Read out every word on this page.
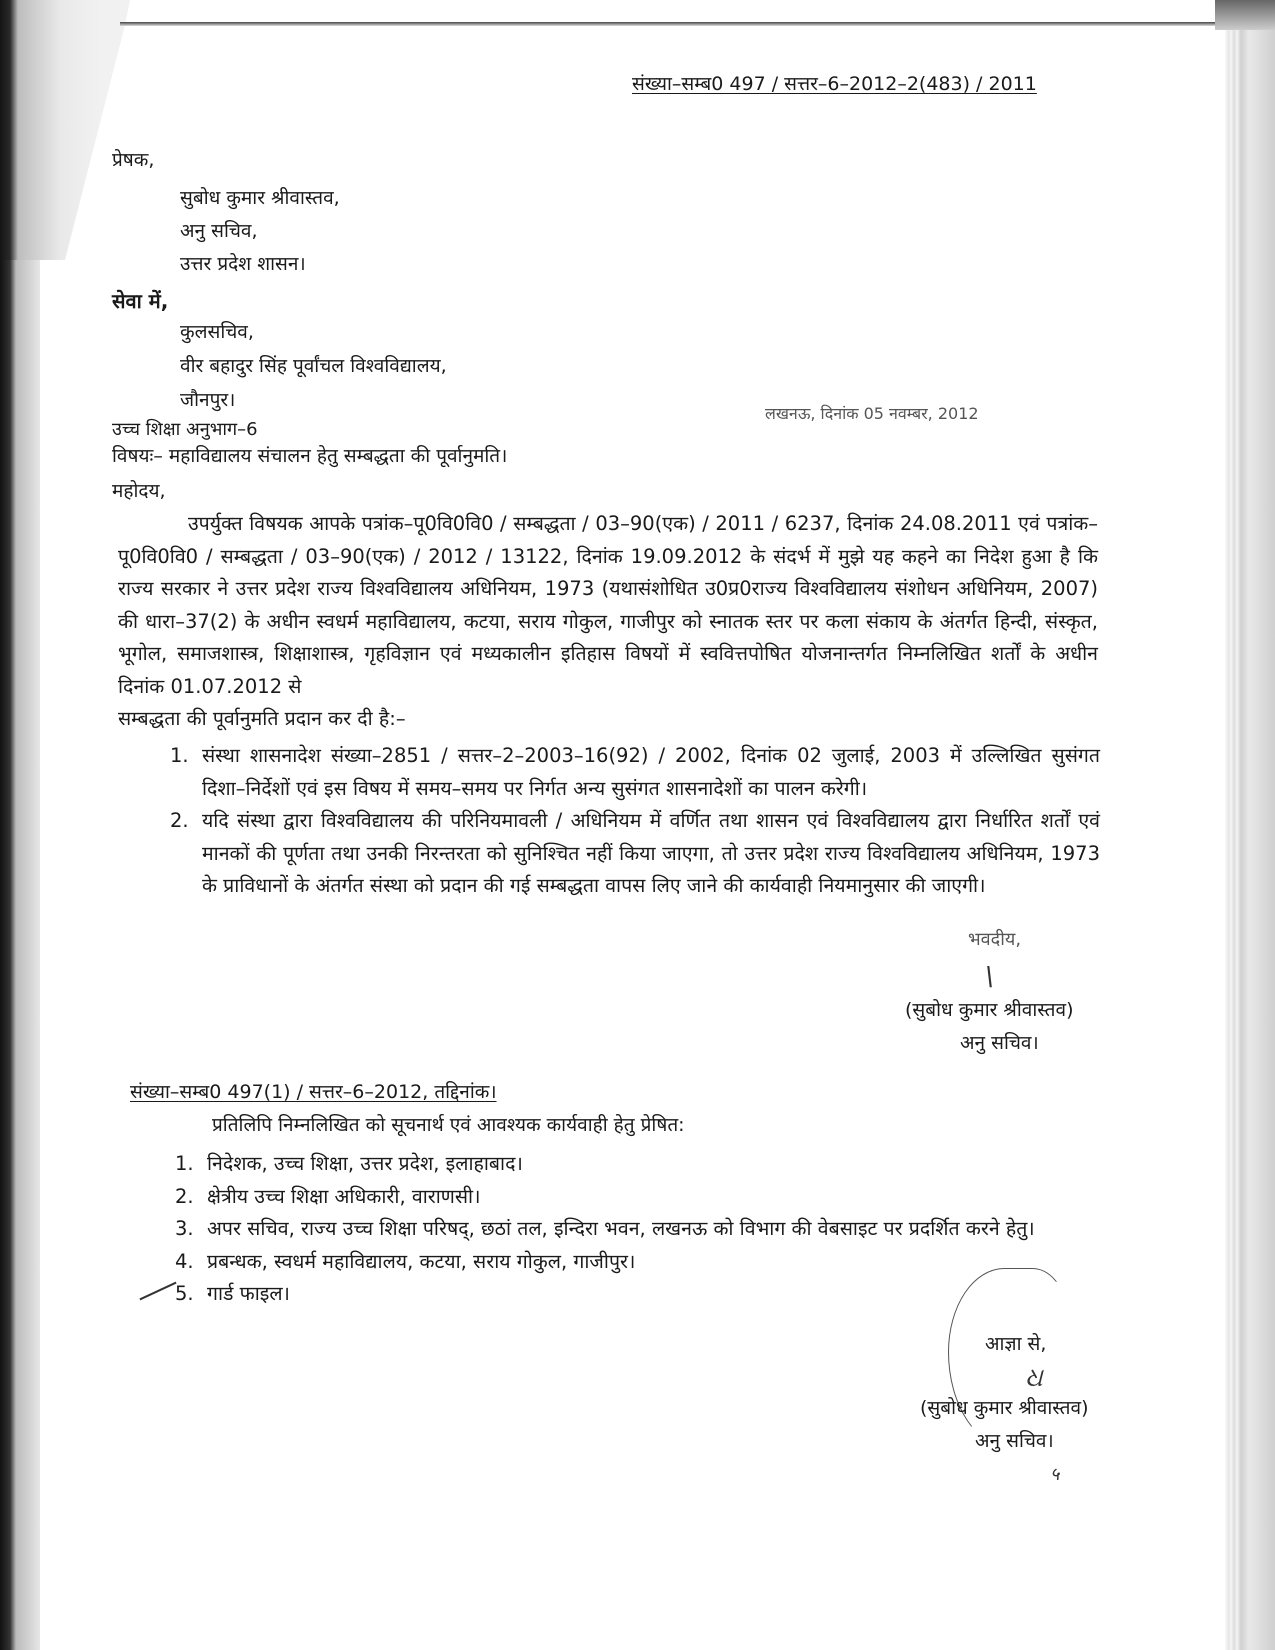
संख्या–सम्ब0 497 / सत्तर–6–2012–2(483) / 2011
प्रेषक,
सुबोध कुमार श्रीवास्तव,
अनु सचिव,
उत्तर प्रदेश शासन।
सेवा में,
कुलसचिव,
वीर बहादुर सिंह पूर्वांचल विश्वविद्यालय,
जौनपुर।
उच्च शिक्षा अनुभाग–6
लखनऊ, दिनांक 05 नवम्बर, 2012
विषयः– महाविद्यालय संचालन हेतु सम्बद्धता की पूर्वानुमति।
महोदय,

उपर्युक्त विषयक आपके पत्रांक–पू0वि0वि0 / सम्बद्धता / 03–90(एक) / 2011 / 6237, दिनांक 24.08.2011 एवं पत्रांक–पू0वि0वि0 / सम्बद्धता / 03–90(एक) / 2012 / 13122, दिनांक 19.09.2012 के संदर्भ में मुझे यह कहने का निदेश हुआ है कि राज्य सरकार ने उत्तर प्रदेश राज्य विश्वविद्यालय अधिनियम, 1973 (यथासंशोधित उ0प्र0राज्य विश्वविद्यालय संशोधन अधिनियम, 2007) की धारा–37(2) के अधीन स्वधर्म महाविद्यालय, कटया, सराय गोकुल, गाजीपुर को स्नातक स्तर पर कला संकाय के अंतर्गत हिन्दी, संस्कृत, भूगोल, समाजशास्त्र, शिक्षाशास्त्र, गृहविज्ञान एवं मध्यकालीन इतिहास विषयों में स्ववित्तपोषित योजनान्तर्गत निम्नलिखित शर्तों के अधीन दिनांक 01.07.2012 से

सम्बद्धता की पूर्वानुमति प्रदान कर दी है:–
1. संस्था शासनादेश संख्या–2851 / सत्तर–2–2003–16(92) / 2002, दिनांक 02 जुलाई, 2003 में उल्लिखित सुसंगत दिशा–निर्देशों एवं इस विषय में समय–समय पर निर्गत अन्य सुसंगत शासनादेशों का पालन करेगी।
2. यदि संस्था द्वारा विश्वविद्यालय की परिनियमावली / अधिनियम में वर्णित तथा शासन एवं विश्वविद्यालय द्वारा निर्धारित शर्तों एवं मानकों की पूर्णता तथा उनकी निरन्तरता को सुनिश्चित नहीं किया जाएगा, तो उत्तर प्रदेश राज्य विश्वविद्यालय अधिनियम, 1973 के प्राविधानों के अंतर्गत संस्था को प्रदान की गई सम्बद्धता वापस लिए जाने की कार्यवाही नियमानुसार की जाएगी।
भवदीय,
\
(सुबोध कुमार श्रीवास्तव)
अनु सचिव।
संख्या–सम्ब0 497(1) / सत्तर–6–2012, तद्दिनांक।
प्रतिलिपि निम्नलिखित को सूचनार्थ एवं आवश्यक कार्यवाही हेतु प्रेषित:
1. निदेशक, उच्च शिक्षा, उत्तर प्रदेश, इलाहाबाद।
2. क्षेत्रीय उच्च शिक्षा अधिकारी, वाराणसी।
3. अपर सचिव, राज्य उच्च शिक्षा परिषद्, छठां तल, इन्दिरा भवन, लखनऊ को विभाग की वेबसाइट पर प्रदर्शित करने हेतु।
4. प्रबन्धक, स्वधर्म महाविद्यालय, कटया, सराय गोकुल, गाजीपुर।
5. गार्ड फाइल।
आज्ञा से,
ଧ
(सुबोध कुमार श्रीवास्तव)
अनु सचिव।
५
